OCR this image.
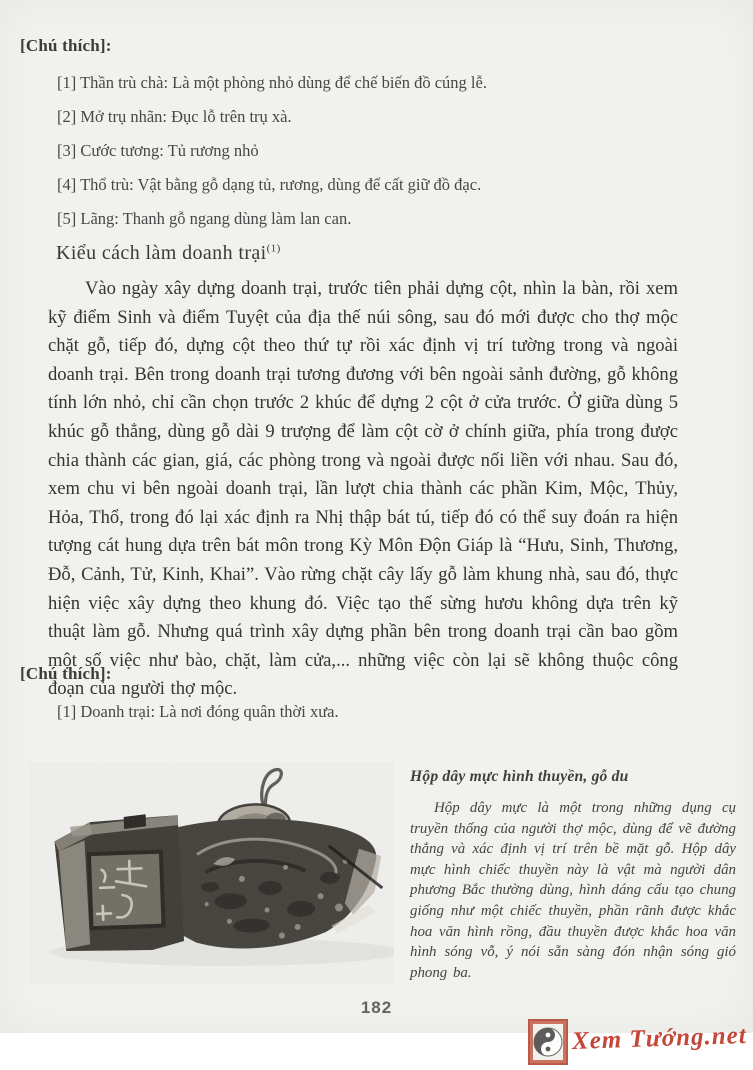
[Chú thích]:

[1] Thần trù chà: Là một phòng nhỏ dùng để chế biến đồ cúng lễ.

[2] Mở trụ nhãn: Đục lỗ trên trụ xà.

[3] Cước tương: Tủ rương nhỏ

[4] Thổ trù: Vật bằng gỗ dạng tủ, rương, dùng để cất giữ đồ đạc.

[5] Lãng: Thanh gỗ ngang dùng làm lan can.

Kiểu cách làm doanh trại$^{(1)}$

Vào ngày xây dựng doanh trại, trước tiên phải dựng cột, nhìn la bàn, rồi xem kỹ điểm Sinh và điểm Tuyệt của địa thế núi sông, sau đó mới được cho thợ mộc chặt gỗ, tiếp đó, dựng cột theo thứ tự rồi xác định vị trí tường trong và ngoài doanh trại. Bên trong doanh trại tương đương với bên ngoài sảnh đường, gỗ không tính lớn nhỏ, chỉ cần chọn trước 2 khúc để dựng 2 cột ở cửa trước. Ở giữa dùng 5 khúc gỗ thẳng, dùng gỗ dài 9 trượng để làm cột cờ ở chính giữa, phía trong được chia thành các gian, giá, các phòng trong và ngoài được nối liền với nhau. Sau đó, xem chu vi bên ngoài doanh trại, lần lượt chia thành các phần Kim, Mộc, Thủy, Hỏa, Thổ, trong đó lại xác định ra Nhị thập bát tú, tiếp đó có thể suy đoán ra hiện tượng cát hung dựa trên bát môn trong Kỳ Môn Độn Giáp là “Hưu, Sinh, Thương, Đỗ, Cảnh, Tử, Kinh, Khai”. Vào rừng chặt cây lấy gỗ làm khung nhà, sau đó, thực hiện việc xây dựng theo khung đó. Việc tạo thế sừng hươu không dựa trên kỹ thuật làm gỗ. Nhưng quá trình xây dựng phần bên trong doanh trại cần bao gồm một số việc như bào, chặt, làm cửa,... những việc còn lại sẽ không thuộc công đoạn của người thợ mộc.

[Chú thích]:

[1] Doanh trại: Là nơi đóng quân thời xưa.

Hộp dây mực hình thuyền, gỗ du

Hộp dây mực là một trong những dụng cụ truyền thống của người thợ mộc, dùng để vẽ đường thẳng và xác định vị trí trên bề mặt gỗ. Hộp dây mực hình chiếc thuyền này là vật mà người dân phương Bắc thường dùng, hình dáng cấu tạo chung giống như một chiếc thuyền, phần rãnh được khắc hoa văn hình rồng, đầu thuyền được khắc hoa văn hình sóng vỗ, ý nói sẵn sàng đón nhận sóng gió phong ba.

182
Xem Tướng.net
